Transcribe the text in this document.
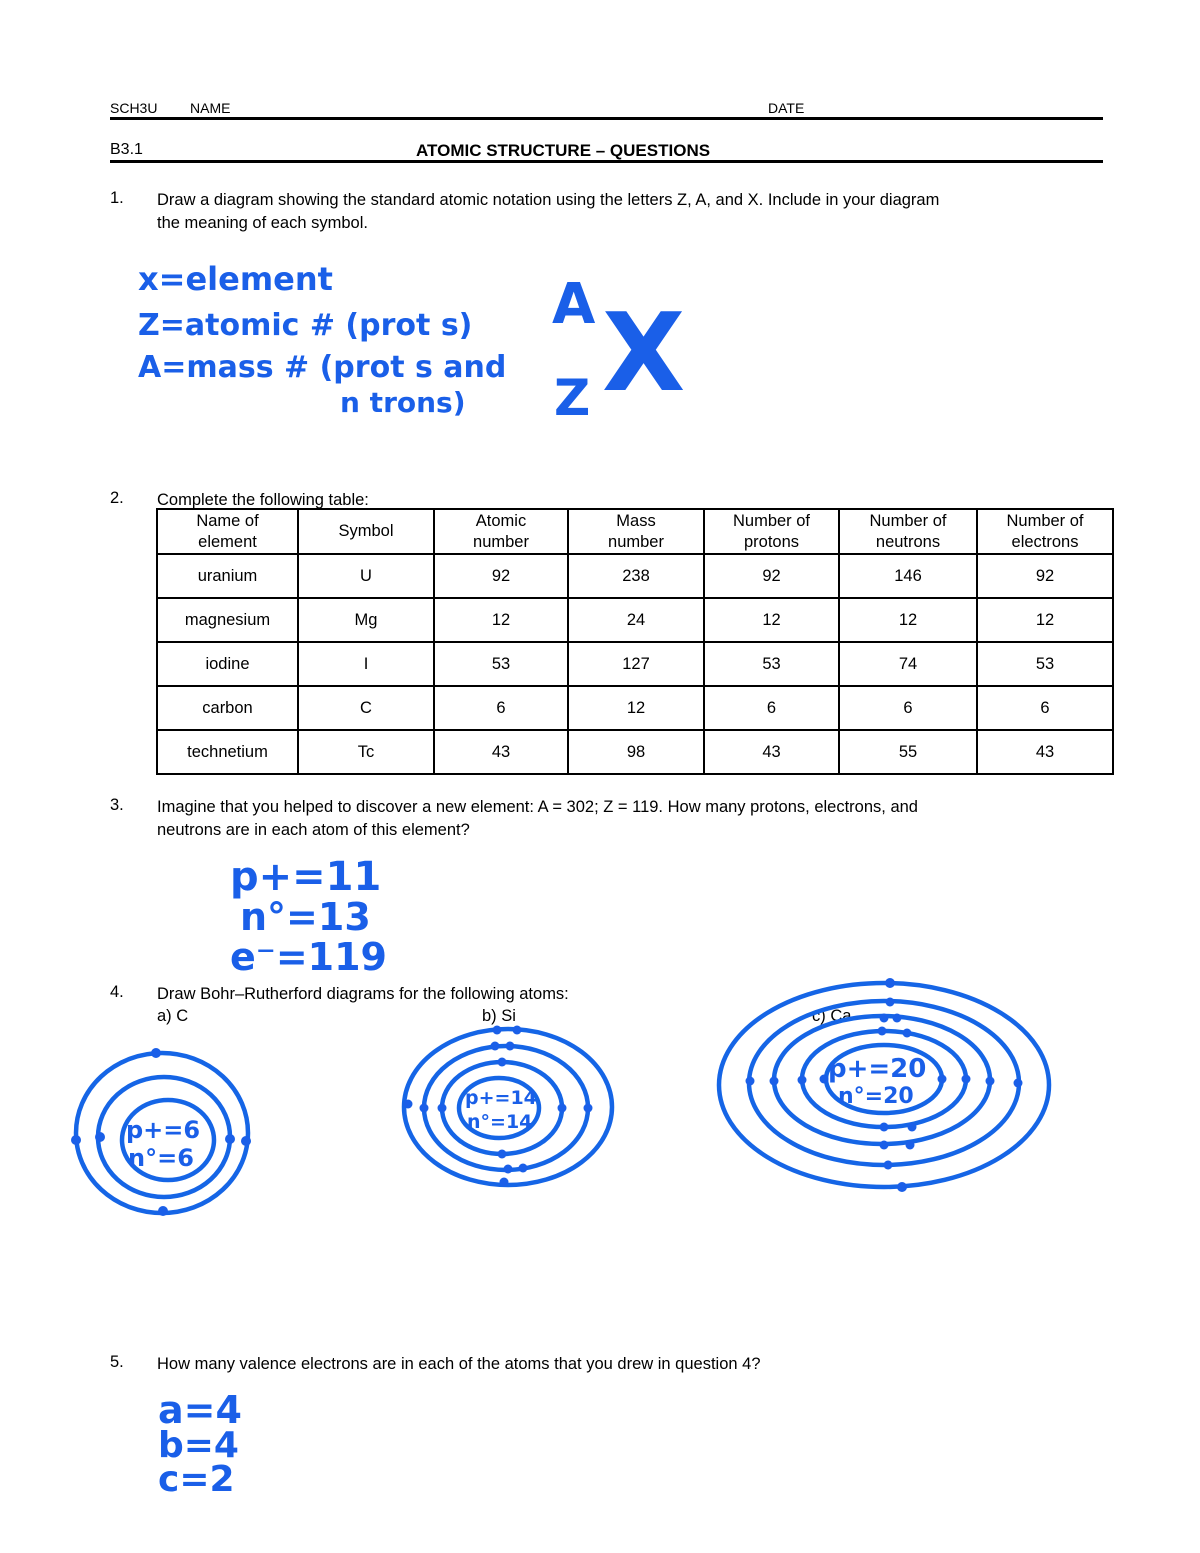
SCH3U NAME	DATE
B3.1	ATOMIC STRUCTURE – QUESTIONS
1. Draw a diagram showing the standard atomic notation using the letters Z, A, and X. Include in your diagram
the meaning of each symbol.
x=element
Z=atomic # (prot s)
A=mass # (prot s and
n trons)
A
Z X
2. Complete the following table:
Name of
element	Symbol	Atomic
number	Mass
number	Number of
protons	Number of
neutrons	Number of
electrons
uranium	U	92	238	92	146	92
magnesium	Mg	12	24	12	12	12
iodine	I	53	127	53	74	53
carbon	C	6	12	6	6	6
technetium	Tc	43	98	43	55	43
3. Imagine that you helped to discover a new element: A = 302; Z = 119. How many protons, electrons, and
neutrons are in each atom of this element?
p+=11
n°=13
e⁻=119
4. Draw Bohr–Rutherford diagrams for the following atoms:
a) C	b) Si	c) Ca
p+=6
n°=6
p+=14
n°=14
p+=20
n°=20
5. How many valence electrons are in each of the atoms that you drew in question 4?
a=4
b=4
c=2
